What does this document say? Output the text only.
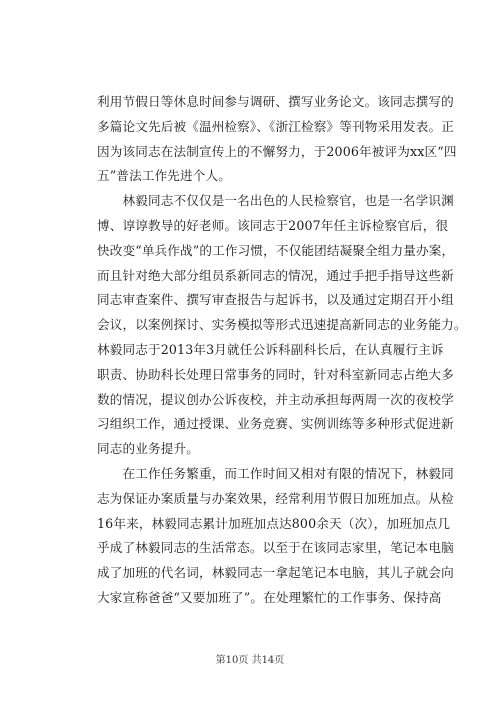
利用节假日等休息时间参与调研、撰写业务论文。该同志撰写的
多篇论文先后被《温州检察》、《浙江检察》等刊物采用发表。正
因为该同志在法制宣传上的不懈努力，于2006年被评为xx区“四
五”普法工作先进个人。
　　林毅同志不仅仅是一名出色的人民检察官，也是一名学识渊
博、谆谆教导的好老师。该同志于2007年任主诉检察官后，很
快改变“单兵作战”的工作习惯，不仅能团结凝聚全组力量办案，
而且针对绝大部分组员系新同志的情况，通过手把手指导这些新
同志审查案件、撰写审查报告与起诉书，以及通过定期召开小组
会议，以案例探讨、实务模拟等形式迅速提高新同志的业务能力。
林毅同志于2013年3月就任公诉科副科长后，在认真履行主诉
职责、协助科长处理日常事务的同时，针对科室新同志占绝大多
数的情况，提议创办公诉夜校，并主动承担每两周一次的夜校学
习组织工作，通过授课、业务竞赛、实例训练等多种形式促进新
同志的业务提升。
　　在工作任务繁重，而工作时间又相对有限的情况下，林毅同
志为保证办案质量与办案效果，经常利用节假日加班加点。从检
16年来，林毅同志累计加班加点达800余天（次），加班加点几
乎成了林毅同志的生活常态。以至于在该同志家里，笔记本电脑
成了加班的代名词，林毅同志一拿起笔记本电脑，其儿子就会向
大家宣称爸爸“又要加班了”。在处理繁忙的工作事务、保持高
第10页 共14页
